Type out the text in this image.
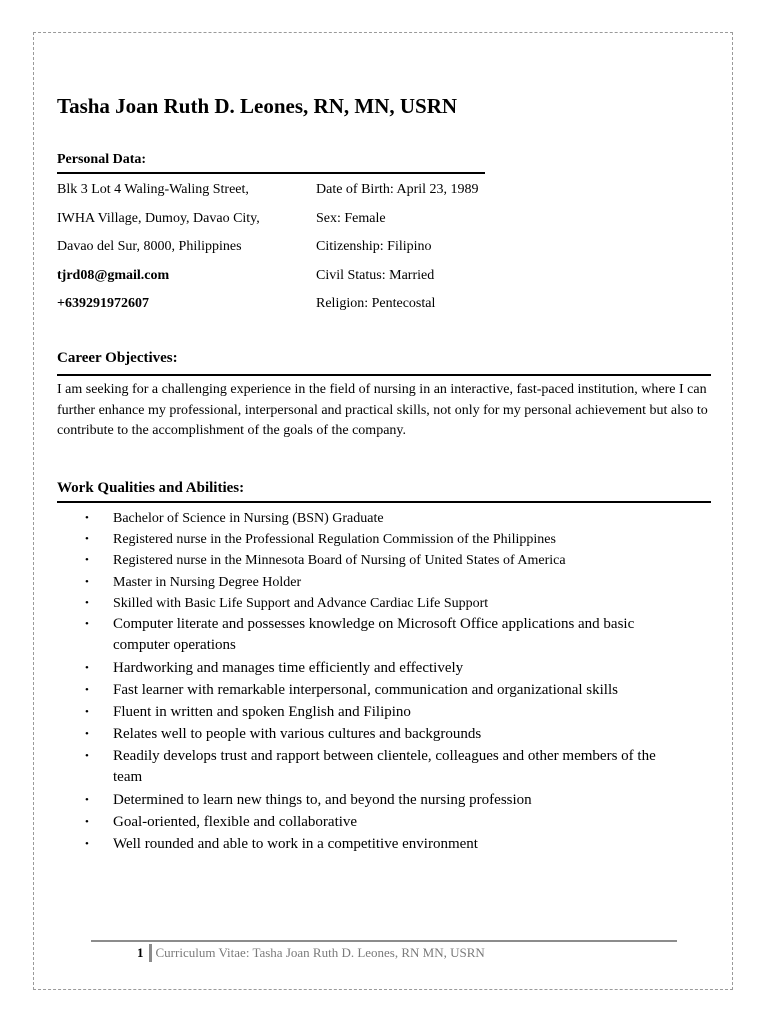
Tasha Joan Ruth D. Leones, RN, MN, USRN
Personal Data:
Blk 3 Lot 4 Waling-Waling Street,
IWHA Village, Dumoy, Davao City,
Davao del Sur, 8000, Philippines
tjrd08@gmail.com
+639291972607
Date of Birth: April 23, 1989
Sex: Female
Citizenship: Filipino
Civil Status: Married
Religion: Pentecostal
Career Objectives:

I am seeking for a challenging experience in the field of nursing in an interactive, fast-paced institution, where I can further enhance my professional, interpersonal and practical skills, not only for my personal achievement but also to contribute to the accomplishment of the goals of the company.

Work Qualities and Abilities:
• Bachelor of Science in Nursing (BSN) Graduate
• Registered nurse in the Professional Regulation Commission of the Philippines
• Registered nurse in the Minnesota Board of Nursing of United States of America
• Master in Nursing Degree Holder
• Skilled with Basic Life Support and Advance Cardiac Life Support
• Computer literate and possesses knowledge on Microsoft Office applications and basic computer operations
• Hardworking and manages time efficiently and effectively
• Fast learner with remarkable interpersonal, communication and organizational skills
• Fluent in written and spoken English and Filipino
• Relates well to people with various cultures and backgrounds
• Readily develops trust and rapport between clientele, colleagues and other members of the team
• Determined to learn new things to, and beyond the nursing profession
• Goal-oriented, flexible and collaborative
• Well rounded and able to work in a competitive environment
1 Curriculum Vitae: Tasha Joan Ruth D. Leones, RN MN, USRN
